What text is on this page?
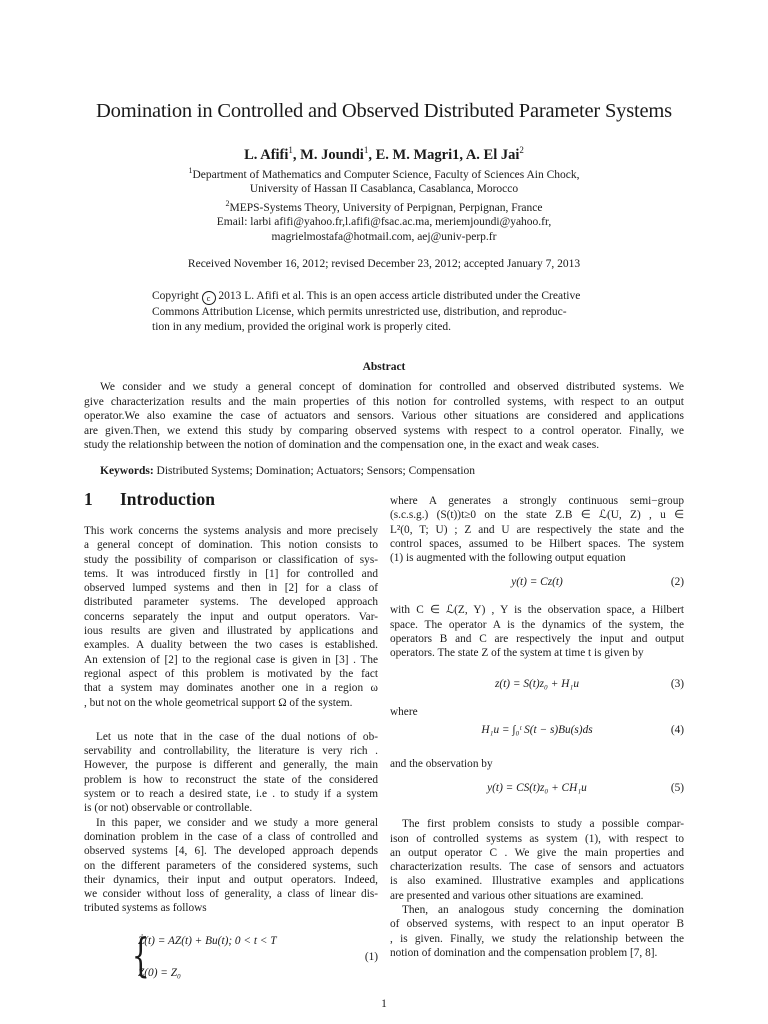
Domination in Controlled and Observed Distributed Parameter Systems
L. Afifi$^1$, M. Joundi$^1$, E. M. Magri1, A. El Jai$^2$
$^1$Department of Mathematics and Computer Science, Faculty of Sciences Ain Chock,
University of Hassan II Casablanca, Casablanca, Morocco
$^2$MEPS-Systems Theory, University of Perpignan, Perpignan, France
Email: larbi afifi@yahoo.fr,l.afifi@fsac.ac.ma, meriemjoundi@yahoo.fr,
magrielmostafa@hotmail.com, aej@univ-perp.fr
Received November 16, 2012; revised December 23, 2012; accepted January 7, 2013
Copyright c 2013 L. Afifi et al. This is an open access article distributed under the Creative
Commons Attribution License, which permits unrestricted use, distribution, and reproduc-
tion in any medium, provided the original work is properly cited.
Abstract
We consider and we study a general concept of domination for controlled and observed distributed systems. We
give characterization results and the main properties of this notion for controlled systems, with respect to an output
operator.We also examine the case of actuators and sensors. Various other situations are considered and applications
are given.Then, we extend this study by comparing observed systems with respect to a control operator. Finally, we
study the relationship between the notion of domination and the compensation one, in the exact and weak cases.
Keywords: Distributed Systems; Domination; Actuators; Sensors; Compensation
1 Introduction
This work concerns the systems analysis and more precisely
a general concept of domination. This notion consists to
study the possibility of comparison or classification of sys-
tems. It was introduced firstly in [1] for controlled and
observed lumped systems and then in [2] for a class of
distributed parameter systems. The developed approach
concerns separately the input and output operators. Var-
ious results are given and illustrated by applications and
examples. A duality between the two cases is established.
An extension of [2] to the regional case is given in [3] . The
regional aspect of this problem is motivated by the fact
that a system may dominates another one in a region ω
, but not on the whole geometrical support Ω of the system.
Let us note that in the case of the dual notions of ob-
servability and controllability, the literature is very rich .
However, the purpose is different and generally, the main
problem is how to reconstruct the state of the considered
system or to reach a desired state, i.e . to study if a system
is (or not) observable or controllable.
In this paper, we consider and we study a more general
domination problem in the case of a class of controlled and
observed systems [4, 6]. The developed approach depends
on the different parameters of the considered systems, such
their dynamics, their input and output operators. Indeed,
we consider without loss of generality, a class of linear dis-
tributed systems as follows
{
Ż(t) = AZ(t) + Bu(t); 0 < t < T
Z(0) = Z₀
(1)
where A generates a strongly continuous semi−group
(s.c.s.g.) (S(t))t≥0 on the state Z.B ∈ ℒ(U, Z) , u ∈
L²(0, T; U) ; Z and U are respectively the state and the
control spaces, assumed to be Hilbert spaces. The system
(1) is augmented with the following output equation
y(t) = Cz(t)	(2)
with C ∈ ℒ(Z, Y) , Y is the observation space, a Hilbert
space. The operator A is the dynamics of the system, the
operators B and C are respectively the input and output
operators. The state Z of the system at time t is given by
z(t) = S(t)z₀ + H₁u	(3)
where
H₁u = ∫₀ᵗ S(t − s)Bu(s)ds	(4)
and the observation by
y(t) = CS(t)z₀ + CH₁u	(5)
The first problem consists to study a possible compar-
ison of controlled systems as system (1), with respect to
an output operator C . We give the main properties and
characterization results. The case of sensors and actuators
is also examined. Illustrative examples and applications
are presented and various other situations are examined.
Then, an analogous study concerning the domination
of observed systems, with respect to an input operator B
, is given. Finally, we study the relationship between the
notion of domination and the compensation problem [7, 8].
1
